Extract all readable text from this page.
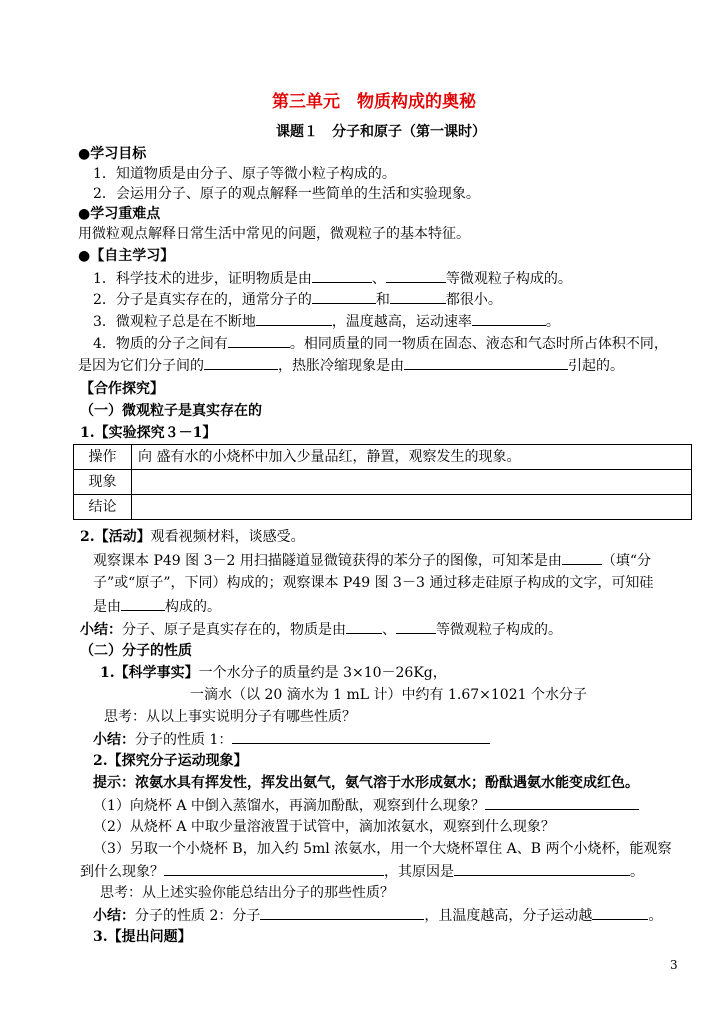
第三单元　物质构成的奥秘
课题１　分子和原子（第一课时）
●学习目标
1．知道物质是由分子、原子等微小粒子构成的。
2．会运用分子、原子的观点解释一些简单的生活和实验现象。
●学习重难点
用微粒观点解释日常生活中常见的问题，微观粒子的基本特征。
●【自主学习】
1．科学技术的进步，证明物质是由	、	等微观粒子构成的。
2．分子是真实存在的，通常分子的	和	都很小。
3．微观粒子总是在不断地	，温度越高，运动速率	。
4．物质的分子之间有	。相同质量的同一物质在固态、液态和气态时所占体积不同，
是因为它们分子间的	，热胀冷缩现象是由	引起的。
【合作探究】
（一）微观粒子是真实存在的
1.【实验探究３－1】
操作	向 盛有水的小烧杯中加入少量品红，静置，观察发生的现象。
现象	
结论	
2.【活动】观看视频材料，谈感受。
观察课本 P49 图 3－2 用扫描隧道显微镜获得的苯分子的图像，可知苯是由	（填“分
子”或“原子”，下同）构成的；观察课本 P49 图 3－3 通过移走硅原子构成的文字，可知硅
是由	构成的。
小结：分子、原子是真实存在的，物质是由	、	等微观粒子构成的。
（二）分子的性质
1.【科学事实】一个水分子的质量约是 3×10－26Kg，
一滴水（以 20 滴水为 1 mL 计）中约有 1.67×1021 个水分子
思考：从以上事实说明分子有哪些性质？
小结：分子的性质 1：
2.【探究分子运动现象】
提示：浓氨水具有挥发性，挥发出氨气，氨气溶于水形成氨水；酚酞遇氨水能变成红色。
（1）向烧杯 A 中倒入蒸馏水，再滴加酚酞，观察到什么现象？
（2）从烧杯 A 中取少量溶液置于试管中，滴加浓氨水，观察到什么现象？
（3）另取一个小烧杯 B，加入约 5ml 浓氨水，用一个大烧杯罩住 A、B 两个小烧杯，能观察
到什么现象？	，其原因是	。
思考：从上述实验你能总结出分子的那些性质？
小结：分子的性质 2：分子	，且温度越高，分子运动越	。
3.【提出问题】
3
